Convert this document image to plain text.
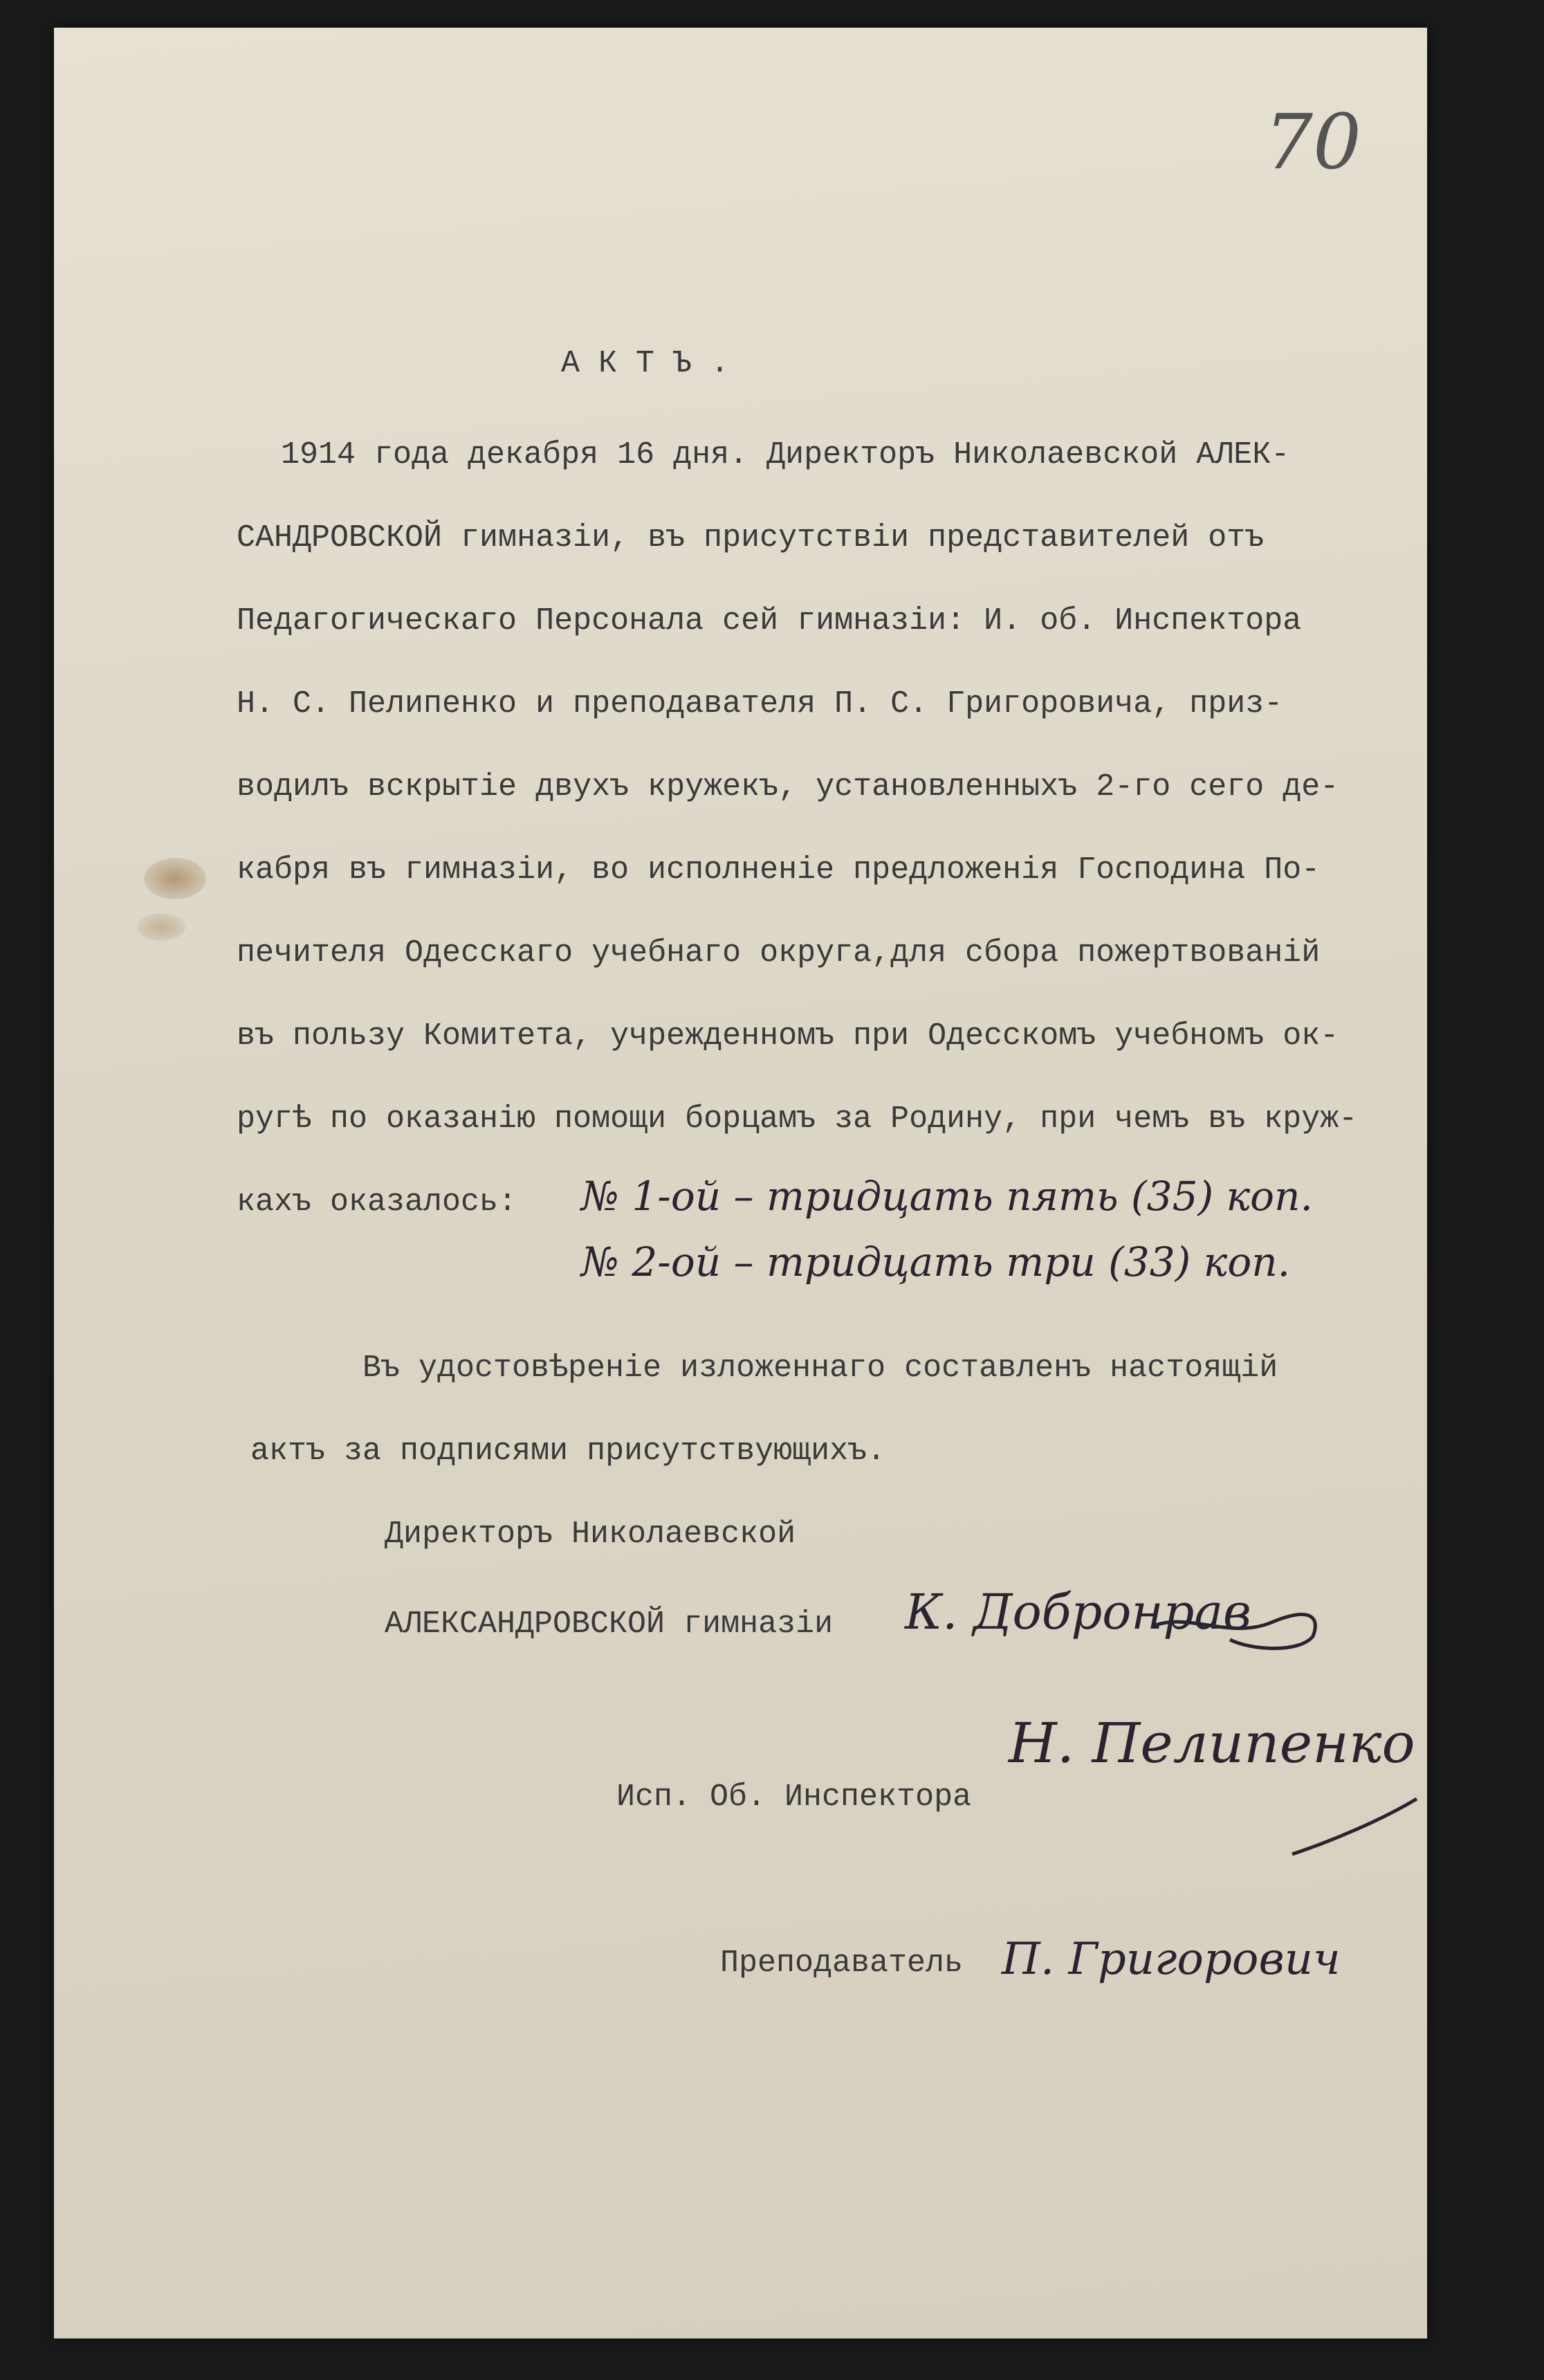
70
А К Т Ъ .
1914 года декабря 16 дня. Директоръ Николаевской АЛЕК-
САНДРОВСКОЙ гимназiи, въ присутствiи представителей отъ
Педагогическаго Персонала сей гимназiи: И. об. Инспектора
Н. С. Пелипенко и преподавателя П. С. Григоровича, приз-
водилъ вскрытiе двухъ кружекъ, установленныхъ 2-го сего де-
кабря въ гимназiи, во исполненiе предложенiя Господина По-
печителя Одесскаго учебнаго округа,для сбора пожертвованiй
въ пользу Комитета, учрежденномъ при Одесскомъ учебномъ ок-
ругѣ по оказанiю помощи борцамъ за Родину, при чемъ въ круж-
кахъ оказалось: № 1-ой – тридцать пять (35) коп.
№ 2-ой – тридцать три (33) коп.
Въ удостовѣренiе изложеннаго составленъ настоящiй
актъ за подписями присутствующихъ.
Директоръ Николаевской
АЛЕКСАНДРОВСКОЙ гимназiи К. Добронрав
Исп. Об. Инспектора
Н. Пелипенко
Преподаватель П. Григорович
